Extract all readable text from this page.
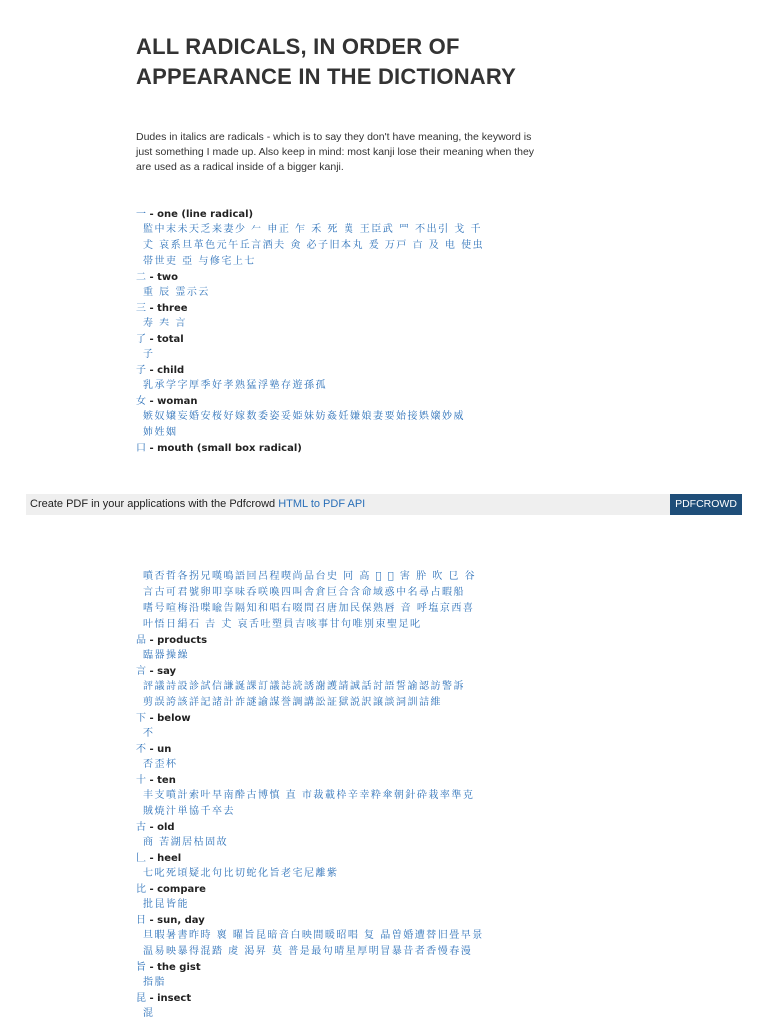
ALL RADICALS, IN ORDER OF APPEARANCE IN THE DICTIONARY

Dudes in italics are radicals - which is to say they don't have meaning, the keyword is just something I made up. Also keep in mind: most kanji lose their meaning when they are used as a radical inside of a bigger kanji.

一 - one (line radical)
監中末未天乏来妻少 𠂉 申正 乍 禾 死 𦰩 王臣武 罒 不出引 戈 千
𠀋 哀系旦革色元午丘言酒夫 㑒 必子旧本丸 爰 万戸 𣅀 及 电 使虫
帯世吏 亞 与修宅上七
二 - two
重 辰 霊示云
三 - three
寿 𡗗 言
了 - total
子
子 - child
乳承学字厚季好孝熟猛浮塾存遊孫孤
女 - woman
嫉奴嬢妄婚安桜好嫁数委姿妥姫妹妨姦妊嫌娘妻要始接娯嬢妙威
姉姓姻
口 - mouth (small box radical)
Create PDF in your applications with the Pdfcrowd HTML to PDF API	PDFCROWD
噴否哲各拐兄嘆鳴語回呂程喫尚品台史 冋 高 𦎫 𣅀 害 肸 吹 㔾 谷
言古可君號卵叩享味呑咲喚四叫舎倉巨合含命域惑中名尋占暇船
嗜号喧梅沿喋喩告隔知和唱右啜問召唐加民保熟唇 音 呼塩京西喜
叶悟日絹石 𠮷 𠀋 哀舌吐塑員吉咳事甘句唯別束聖足叱
品 - products
臨器操繰
言 - say
評議詩設診試信謙誕課訂議誌読誘謝護請誠話討語誓諭認訪警訴
剪誤誇該詳記諸計詐謎諭謀誉調講訟証獄説訳譲談詞訓詰維
下 - below
不
不 - un
否歪杯
十 - ten
丰支噴計索叶早南酔古博慎 直 市裁載枠辛幸粋傘朝針砕栽率準克
賊焼汁単協千卒去
古 - old
商 苦湖居枯固故
𠃊 - heel
七叱死頃疑北句比切蛇化旨老宅尼離紫
比 - compare
批昆皆能
日 - sun, day
旦暇暑書昨時 褱 曜旨昆暗音白映間暖昭唱 复 晶曽婚遭替旧畳早景
温易映暴得混踏 䖍 渇昇 莫 普是最句晴星厚明冒暴昔者香慢春漫
旨 - the gist
指脂
昆 - insect
混
